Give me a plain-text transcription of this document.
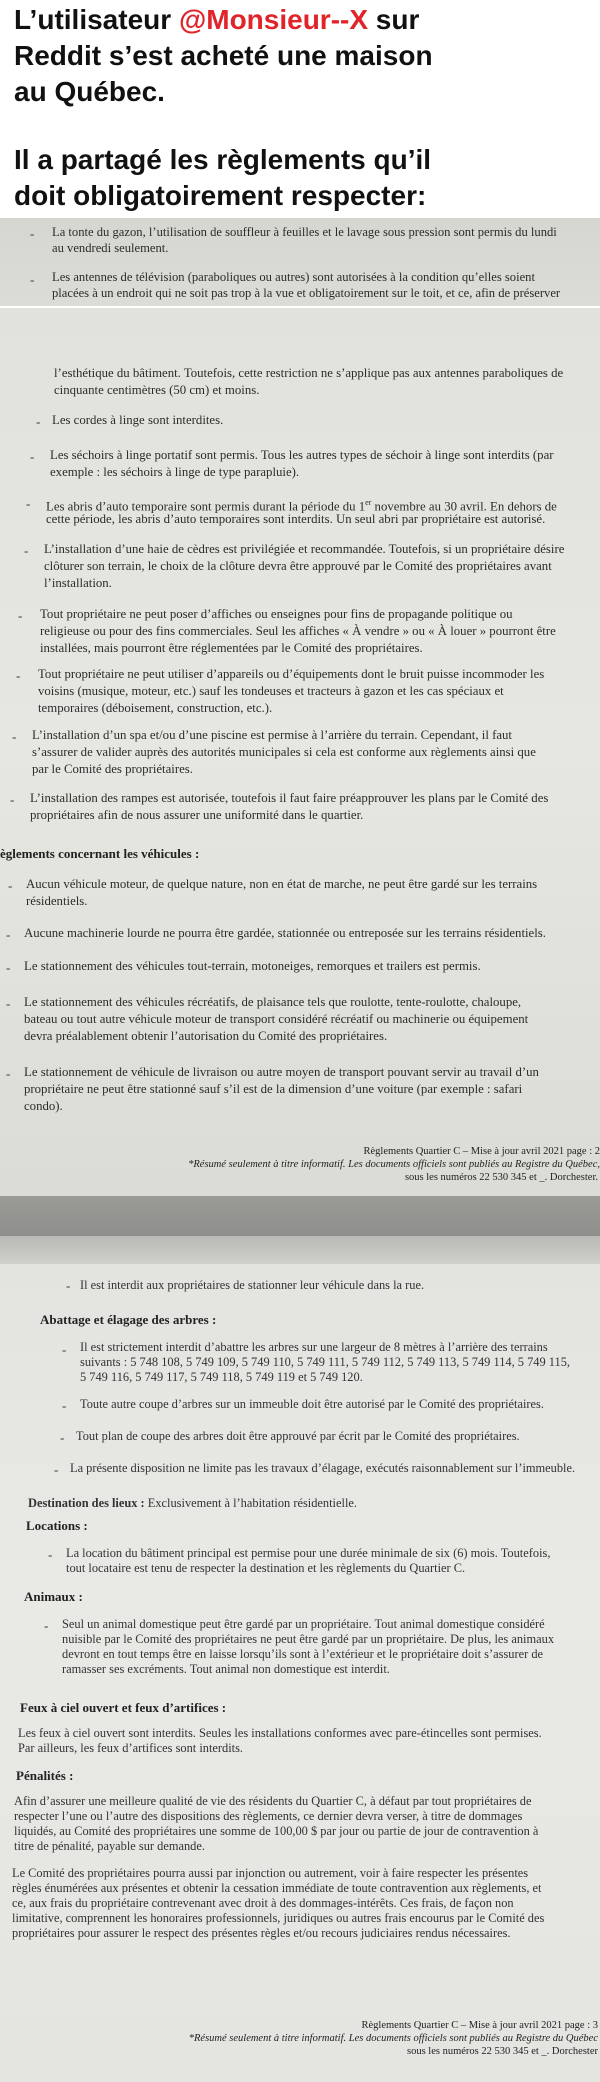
L’utilisateur @Monsieur--X sur

Reddit s’est acheté une maison

au Québec.

Il a partagé les règlements qu’il

doit obligatoirement respecter:

- La tonte du gazon, l’utilisation de souffleur à feuilles et le lavage sous pression sont permis du lundi

au vendredi seulement.

- Les antennes de télévision (paraboliques ou autres) sont autorisées à la condition qu’elles soient

placées à un endroit qui ne soit pas trop à la vue et obligatoirement sur le toit, et ce, afin de préserver

l’esthétique du bâtiment. Toutefois, cette restriction ne s’applique pas aux antennes paraboliques de

cinquante centimètres (50 cm) et moins.

- Les cordes à linge sont interdites.

- Les séchoirs à linge portatif sont permis. Tous les autres types de séchoir à linge sont interdits (par

exemple : les séchoirs à linge de type parapluie).

- Les abris d’auto temporaire sont permis durant la période du 1er novembre au 30 avril. En dehors de

cette période, les abris d’auto temporaires sont interdits. Un seul abri par propriétaire est autorisé.

- L’installation d’une haie de cèdres est privilégiée et recommandée. Toutefois, si un propriétaire désire

clôturer son terrain, le choix de la clôture devra être approuvé par le Comité des propriétaires avant

l’installation.

- Tout propriétaire ne peut poser d’affiches ou enseignes pour fins de propagande politique ou

religieuse ou pour des fins commerciales. Seul les affiches « À vendre » ou « À louer » pourront être

installées, mais pourront être réglementées par le Comité des propriétaires.

- Tout propriétaire ne peut utiliser d’appareils ou d’équipements dont le bruit puisse incommoder les

voisins (musique, moteur, etc.) sauf les tondeuses et tracteurs à gazon et les cas spéciaux et

temporaires (déboisement, construction, etc.).

- L’installation d’un spa et/ou d’une piscine est permise à l’arrière du terrain. Cependant, il faut

s’assurer de valider auprès des autorités municipales si cela est conforme aux règlements ainsi que

par le Comité des propriétaires.

- L’installation des rampes est autorisée, toutefois il faut faire préapprouver les plans par le Comité des

propriétaires afin de nous assurer une uniformité dans le quartier.

èglements concernant les véhicules :

- Aucun véhicule moteur, de quelque nature, non en état de marche, ne peut être gardé sur les terrains

résidentiels.

- Aucune machinerie lourde ne pourra être gardée, stationnée ou entreposée sur les terrains résidentiels.

- Le stationnement des véhicules tout-terrain, motoneiges, remorques et trailers est permis.

- Le stationnement des véhicules récréatifs, de plaisance tels que roulotte, tente-roulotte, chaloupe,

bateau ou tout autre véhicule moteur de transport considéré récréatif ou machinerie ou équipement

devra préalablement obtenir l’autorisation du Comité des propriétaires.

- Le stationnement de véhicule de livraison ou autre moyen de transport pouvant servir au travail d’un

propriétaire ne peut être stationné sauf s’il est de la dimension d’une voiture (par exemple : safari

condo).

Règlements Quartier C – Mise à jour avril 2021 page : 2

*Résumé seulement à titre informatif. Les documents officiels sont publiés au Registre du Québec,

sous les numéros 22 530 345 et _. Dorchester.

- Il est interdit aux propriétaires de stationner leur véhicule dans la rue.

Abattage et élagage des arbres :

- Il est strictement interdit d’abattre les arbres sur une largeur de 8 mètres à l’arrière des terrains

suivants : 5 748 108, 5 749 109, 5 749 110, 5 749 111, 5 749 112, 5 749 113, 5 749 114, 5 749 115,

5 749 116, 5 749 117, 5 749 118, 5 749 119 et 5 749 120.

- Toute autre coupe d’arbres sur un immeuble doit être autorisé par le Comité des propriétaires.

- Tout plan de coupe des arbres doit être approuvé par écrit par le Comité des propriétaires.

- La présente disposition ne limite pas les travaux d’élagage, exécutés raisonnablement sur l’immeuble.

Destination des lieux : Exclusivement à l’habitation résidentielle.

Locations :

- La location du bâtiment principal est permise pour une durée minimale de six (6) mois. Toutefois,

tout locataire est tenu de respecter la destination et les règlements du Quartier C.

Animaux :

- Seul un animal domestique peut être gardé par un propriétaire. Tout animal domestique considéré

nuisible par le Comité des propriétaires ne peut être gardé par un propriétaire. De plus, les animaux

devront en tout temps être en laisse lorsqu’ils sont à l’extérieur et le propriétaire doit s’assurer de

ramasser ses excréments. Tout animal non domestique est interdit.

Feux à ciel ouvert et feux d’artifices :

Les feux à ciel ouvert sont interdits. Seules les installations conformes avec pare-étincelles sont permises.

Par ailleurs, les feux d’artifices sont interdits.

Pénalités :

Afin d’assurer une meilleure qualité de vie des résidents du Quartier C, à défaut par tout propriétaires de

respecter l’une ou l’autre des dispositions des règlements, ce dernier devra verser, à titre de dommages

liquidés, au Comité des propriétaires une somme de 100,00 $ par jour ou partie de jour de contravention à

titre de pénalité, payable sur demande.

Le Comité des propriétaires pourra aussi par injonction ou autrement, voir à faire respecter les présentes

règles énumérées aux présentes et obtenir la cessation immédiate de toute contravention aux règlements, et

ce, aux frais du propriétaire contrevenant avec droit à des dommages-intérêts. Ces frais, de façon non

limitative, comprennent les honoraires professionnels, juridiques ou autres frais encourus par le Comité des

propriétaires pour assurer le respect des présentes règles et/ou recours judiciaires rendus nécessaires.

Règlements Quartier C – Mise à jour avril 2021 page : 3

*Résumé seulement à titre informatif. Les documents officiels sont publiés au Registre du Québec

sous les numéros 22 530 345 et _. Dorchester
